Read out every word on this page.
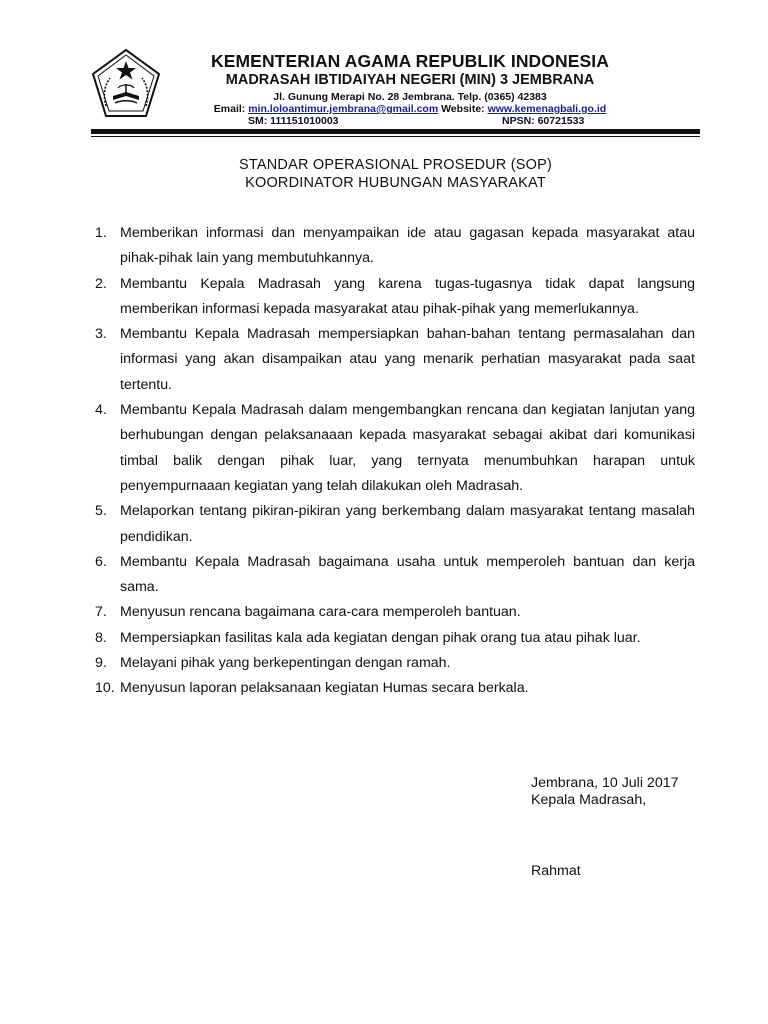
KEMENTERIAN AGAMA REPUBLIK INDONESIA
MADRASAH IBTIDAIYAH NEGERI (MIN) 3 JEMBRANA
Jl. Gunung Merapi No. 28 Jembrana. Telp. (0365) 42383
Email: min.loloantimur.jembrana@gmail.com Website: www.kemenagbali.go.id
SM: 111151010003	NPSN: 60721533
STANDAR OPERASIONAL PROSEDUR (SOP)
KOORDINATOR HUBUNGAN MASYARAKAT
1. Memberikan informasi dan menyampaikan ide atau gagasan kepada masyarakat atau pihak-pihak lain yang membutuhkannya.
2. Membantu Kepala Madrasah yang karena tugas-tugasnya tidak dapat langsung memberikan informasi kepada masyarakat atau pihak-pihak yang memerlukannya.
3. Membantu Kepala Madrasah mempersiapkan bahan-bahan tentang permasalahan dan informasi yang akan disampaikan atau yang menarik perhatian masyarakat pada saat tertentu.
4. Membantu Kepala Madrasah dalam mengembangkan rencana dan kegiatan lanjutan yang berhubungan dengan pelaksanaaan kepada masyarakat sebagai akibat dari komunikasi timbal balik dengan pihak luar, yang ternyata menumbuhkan harapan untuk penyempurnaaan kegiatan yang telah dilakukan oleh Madrasah.
5. Melaporkan tentang pikiran-pikiran yang berkembang dalam masyarakat tentang masalah pendidikan.
6. Membantu Kepala Madrasah bagaimana usaha untuk memperoleh bantuan dan kerja sama.
7. Menyusun rencana bagaimana cara-cara memperoleh bantuan.
8. Mempersiapkan fasilitas kala ada kegiatan dengan pihak orang tua atau pihak luar.
9. Melayani pihak yang berkepentingan dengan ramah.
10. Menyusun laporan pelaksanaan kegiatan Humas secara berkala.
Jembrana, 10 Juli 2017
Kepala Madrasah,
Rahmat
